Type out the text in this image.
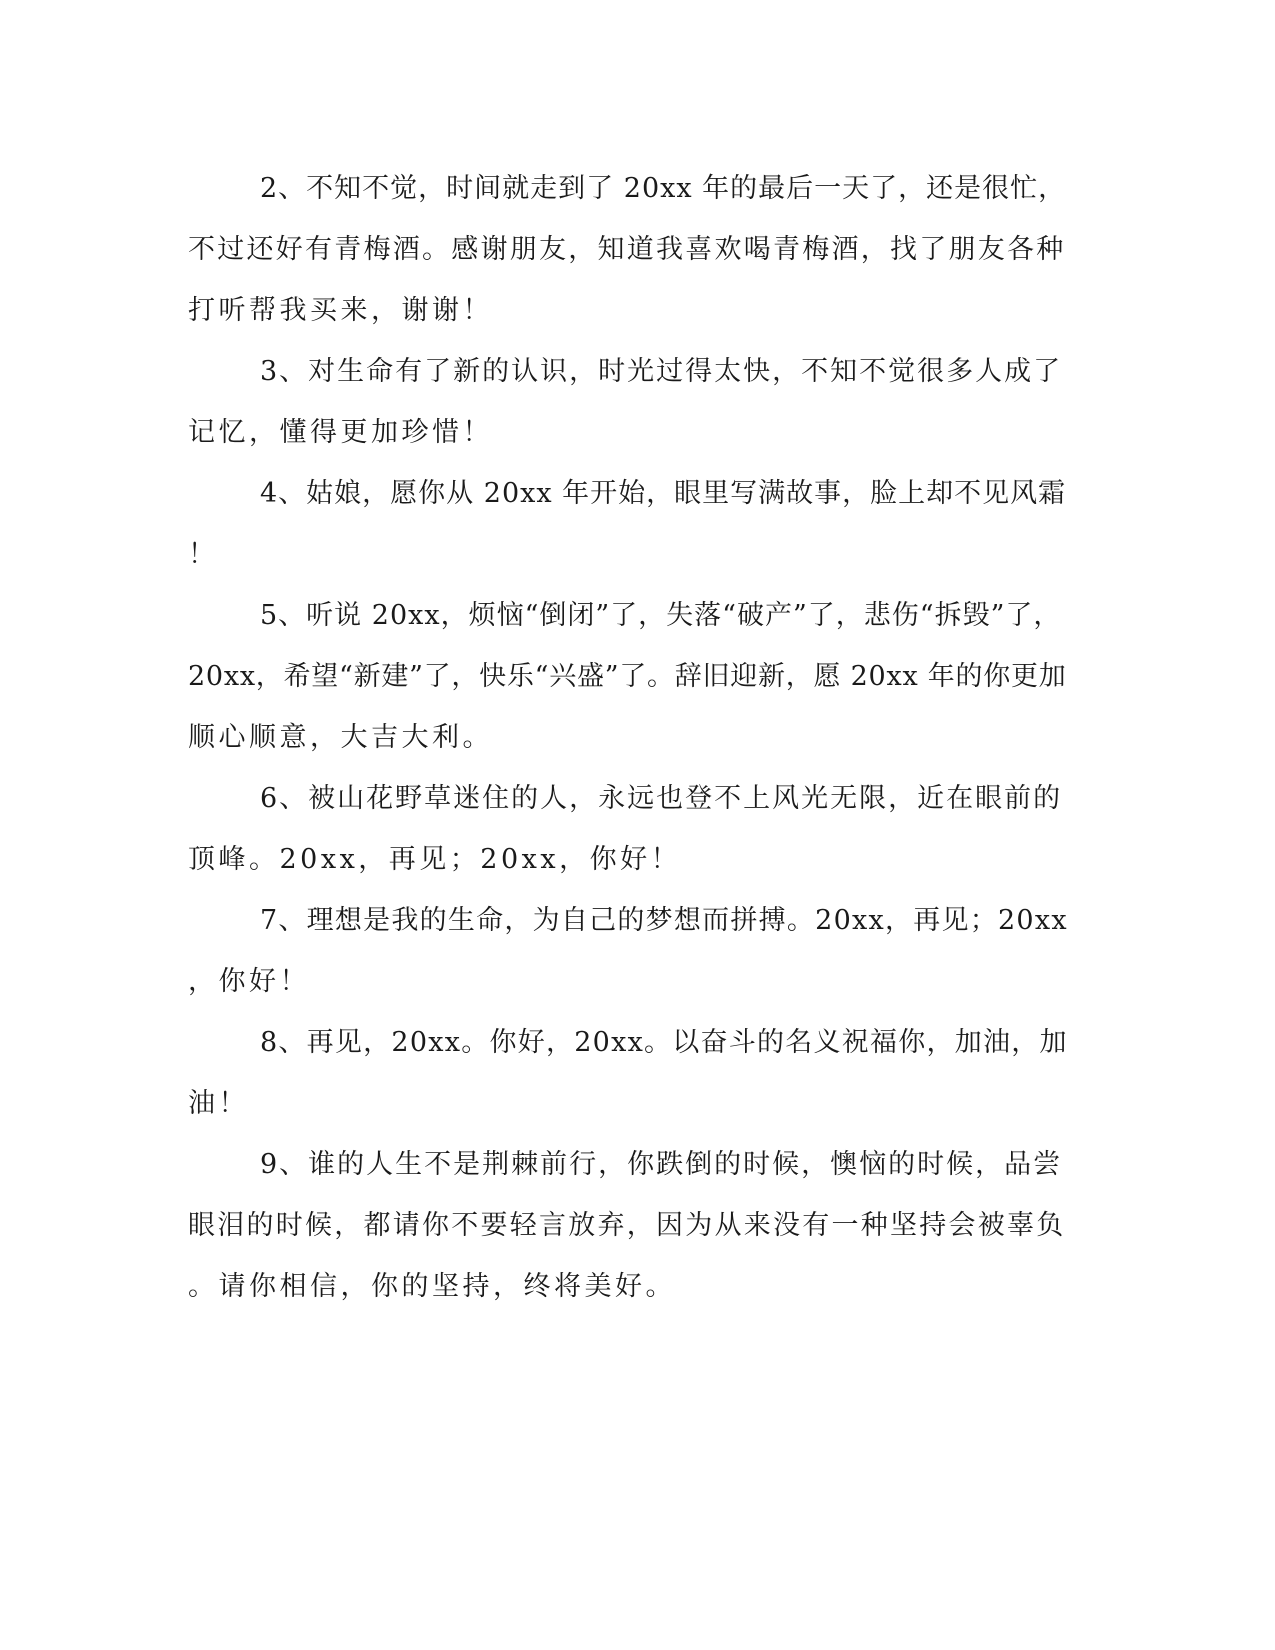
2、不知不觉，时间就走到了 20xx 年的最后一天了，还是很忙，
不过还好有青梅酒。感谢朋友，知道我喜欢喝青梅酒，找了朋友各种
打听帮我买来，谢谢！
3、对生命有了新的认识，时光过得太快，不知不觉很多人成了
记忆，懂得更加珍惜！
4、姑娘，愿你从 20xx 年开始，眼里写满故事，脸上却不见风霜
！
5、听说 20xx，烦恼“倒闭”了，失落“破产”了，悲伤“拆毁”了，
20xx，希望“新建”了，快乐“兴盛”了。辞旧迎新，愿 20xx 年的你更加
顺心顺意，大吉大利。
6、被山花野草迷住的人，永远也登不上风光无限，近在眼前的
顶峰。20xx，再见；20xx，你好！
7、理想是我的生命，为自己的梦想而拼搏。20xx，再见；20xx
，你好！
8、再见，20xx。你好，20xx。以奋斗的名义祝福你，加油，加
油！
9、谁的人生不是荆棘前行，你跌倒的时候，懊恼的时候，品尝
眼泪的时候，都请你不要轻言放弃，因为从来没有一种坚持会被辜负
。请你相信，你的坚持，终将美好。
